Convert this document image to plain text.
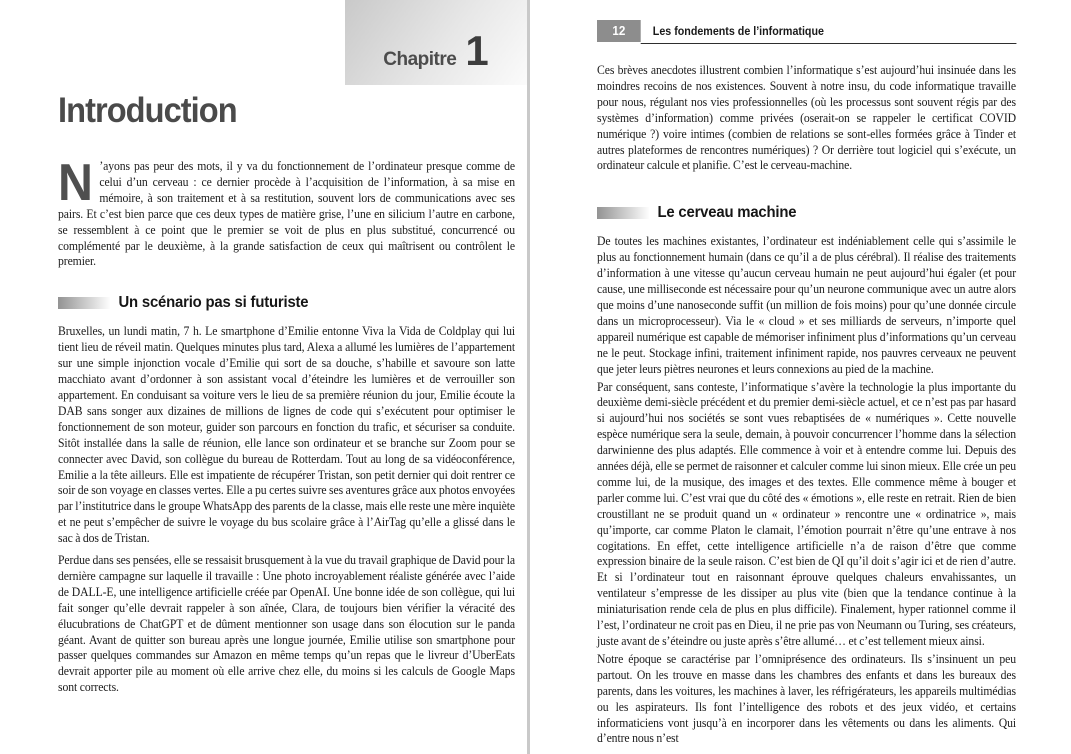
Chapitre 1
Introduction

N ’ayons pas peur des mots, il y va du fonctionnement de l’ordinateur presque comme de celui d’un cerveau : ce dernier procède à l’acquisition de l’information, à sa mise en mémoire, à son traitement et à sa restitution, souvent lors de communications avec ses pairs. Et c’est bien parce que ces deux types de matière grise, l’une en silicium l’autre en carbone, se ressemblent à ce point que le premier se voit de plus en plus substitué, concurrencé ou complémenté par le deuxième, à la grande satisfaction de ceux qui maîtrisent ou contrôlent le premier.

Un scénario pas si futuriste

Bruxelles, un lundi matin, 7 h. Le smartphone d’Emilie entonne Viva la Vida de Coldplay qui lui tient lieu de réveil matin. Quelques minutes plus tard, Alexa a allumé les lumières de l’appartement sur une simple injonction vocale d’Emilie qui sort de sa douche, s’habille et savoure son latte macchiato avant d’ordonner à son assistant vocal d’éteindre les lumières et de verrouiller son appartement. En conduisant sa voiture vers le lieu de sa première réunion du jour, Emilie écoute la DAB sans songer aux dizaines de millions de lignes de code qui s’exécutent pour optimiser le fonctionnement de son moteur, guider son parcours en fonction du trafic, et sécuriser sa conduite. Sitôt installée dans la salle de réunion, elle lance son ordinateur et se branche sur Zoom pour se connecter avec David, son collègue du bureau de Rotterdam. Tout au long de sa vidéoconférence, Emilie a la tête ailleurs. Elle est impatiente de récupérer Tristan, son petit dernier qui doit rentrer ce soir de son voyage en classes vertes. Elle a pu certes suivre ses aventures grâce aux photos envoyées par l’institutrice dans le groupe WhatsApp des parents de la classe, mais elle reste une mère inquiète et ne peut s’empêcher de suivre le voyage du bus scolaire grâce à l’AirTag qu’elle a glissé dans le sac à dos de Tristan.

Perdue dans ses pensées, elle se ressaisit brusquement à la vue du travail graphique de David pour la dernière campagne sur laquelle il travaille : Une photo incroyablement réaliste générée avec l’aide de DALL-E, une intelligence artificielle créée par OpenAI. Une bonne idée de son collègue, qui lui fait songer qu’elle devrait rappeler à son aînée, Clara, de toujours bien vérifier la véracité des élucubrations de ChatGPT et de dûment mentionner son usage dans son élocution sur le panda géant. Avant de quitter son bureau après une longue journée, Emilie utilise son smartphone pour passer quelques commandes sur Amazon en même temps qu’un repas que le livreur d’UberEats devrait apporter pile au moment où elle arrive chez elle, du moins si les calculs de Google Maps sont corrects.

12	Les fondements de l’informatique

Ces brèves anecdotes illustrent combien l’informatique s’est aujourd’hui insinuée dans les moindres recoins de nos existences. Souvent à notre insu, du code informatique travaille pour nous, régulant nos vies professionnelles (où les processus sont souvent régis par des systèmes d’information) comme privées (oserait-on se rappeler le certificat COVID numérique ?) voire intimes (combien de relations se sont-elles formées grâce à Tinder et autres plateformes de rencontres numériques) ? Or derrière tout logiciel qui s’exécute, un ordinateur calcule et planifie. C’est le cerveau-machine.

Le cerveau machine

De toutes les machines existantes, l’ordinateur est indéniablement celle qui s’assimile le plus au fonctionnement humain (dans ce qu’il a de plus cérébral). Il réalise des traitements d’information à une vitesse qu’aucun cerveau humain ne peut aujourd’hui égaler (et pour cause, une milliseconde est nécessaire pour qu’un neurone communique avec un autre alors que moins d’une nanoseconde suffit (un million de fois moins) pour qu’une donnée circule dans un microprocesseur). Via le « cloud » et ses milliards de serveurs, n’importe quel appareil numérique est capable de mémoriser infiniment plus d’informations qu’un cerveau ne le peut. Stockage infini, traitement infiniment rapide, nos pauvres cerveaux ne peuvent que jeter leurs piètres neurones et leurs connexions au pied de la machine.

Par conséquent, sans conteste, l’informatique s’avère la technologie la plus importante du deuxième demi-siècle précédent et du premier demi-siècle actuel, et ce n’est pas par hasard si aujourd’hui nos sociétés se sont vues rebaptisées de « numériques ». Cette nouvelle espèce numérique sera la seule, demain, à pouvoir concurrencer l’homme dans la sélection darwinienne des plus adaptés. Elle commence à voir et à entendre comme lui. Depuis des années déjà, elle se permet de raisonner et calculer comme lui sinon mieux. Elle crée un peu comme lui, de la musique, des images et des textes. Elle commence même à bouger et parler comme lui. C’est vrai que du côté des « émotions », elle reste en retrait. Rien de bien croustillant ne se produit quand un « ordinateur » rencontre une « ordinatrice », mais qu’importe, car comme Platon le clamait, l’émotion pourrait n’être qu’une entrave à nos cogitations. En effet, cette intelligence artificielle n’a de raison d’être que comme expression binaire de la seule raison. C’est bien de QI qu’il doit s’agir ici et de rien d’autre. Et si l’ordinateur tout en raisonnant éprouve quelques chaleurs envahissantes, un ventilateur s’empresse de les dissiper au plus vite (bien que la tendance continue à la miniaturisation rende cela de plus en plus difficile). Finalement, hyper rationnel comme il l’est, l’ordinateur ne croit pas en Dieu, il ne prie pas von Neumann ou Turing, ses créateurs, juste avant de s’éteindre ou juste après s’être allumé… et c’est tellement mieux ainsi.

Notre époque se caractérise par l’omniprésence des ordinateurs. Ils s’insinuent un peu partout. On les trouve en masse dans les chambres des enfants et dans les bureaux des parents, dans les voitures, les machines à laver, les réfrigérateurs, les appareils multimédias ou les aspirateurs. Ils font l’intelligence des robots et des jeux vidéo, et certains informaticiens vont jusqu’à en incorporer dans les vêtements ou dans les aliments. Qui d’entre nous n’est
